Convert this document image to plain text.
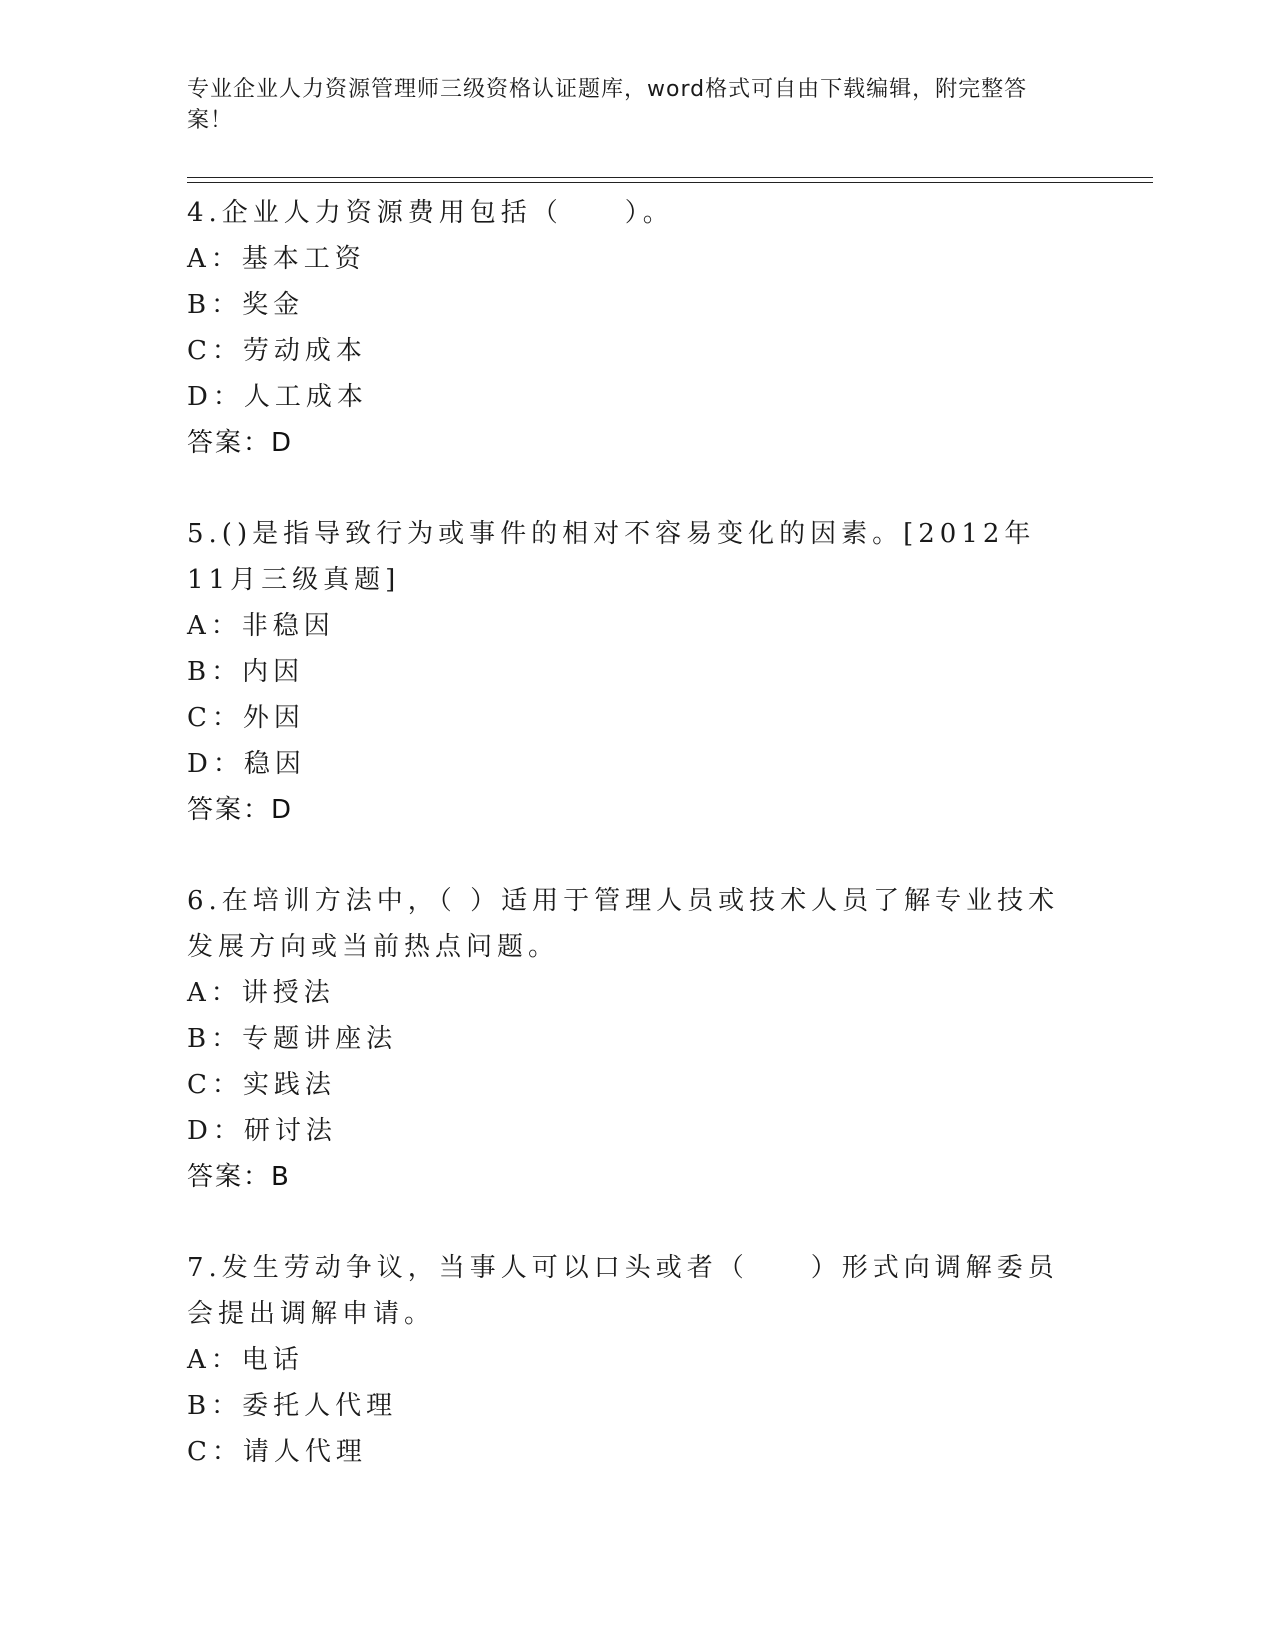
专业企业人力资源管理师三级资格认证题库，word格式可自由下载编辑，附完整答案！
4.企业人力资源费用包括（　　）。
A：基本工资
B：奖金
C：劳动成本
D：人工成本
答案：D
5.()是指导致行为或事件的相对不容易变化的因素。[2012年11月三级真题]
A：非稳因
B：内因
C：外因
D：稳因
答案：D
6.在培训方法中，（ ）适用于管理人员或技术人员了解专业技术发展方向或当前热点问题。
A：讲授法
B：专题讲座法
C：实践法
D：研讨法
答案：B
7.发生劳动争议，当事人可以口头或者（　　）形式向调解委员会提出调解申请。
A：电话
B：委托人代理
C：请人代理
